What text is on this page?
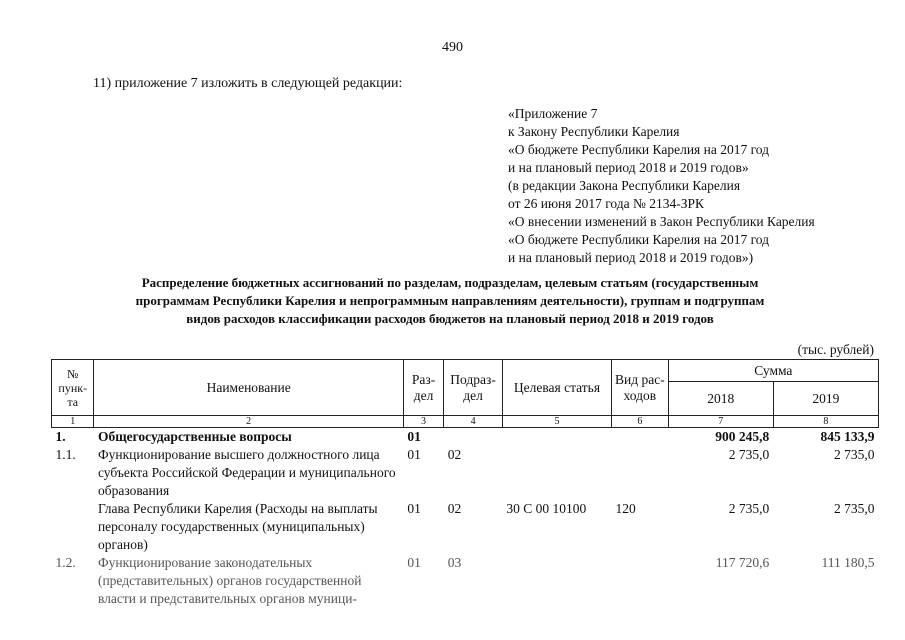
490
11) приложение 7 изложить в следующей редакции:
«Приложение 7
к Закону Республики Карелия
«О бюджете Республики Карелия на 2017 год
и на плановый период 2018 и 2019 годов»
(в редакции Закона Республики Карелия
от 26 июня 2017 года № 2134-ЗРК
«О внесении изменений в Закон Республики Карелия
«О бюджете Республики Карелия на 2017 год
и на плановый период 2018 и 2019 годов»)
Распределение бюджетных ассигнований по разделам, подразделам, целевым статьям (государственным
программам Республики Карелия и непрограммным направлениям деятельности), группам и подгруппам
видов расходов классификации расходов бюджетов на плановый период 2018 и 2019 годов
(тыс. рублей)
№ пунк- та	Наименование	Раз- дел	Подраз- дел	Целевая статья	Вид рас- ходов	Сумма	
						2018	2019
1	2	3	4	5	6	7	8
1.	Общегосударственные вопросы	01				900 245,8	845 133,9
1.1.	Функционирование высшего должностного лица субъекта Российской Федерации и муниципального образования	01	02			2 735,0	2 735,0
	Глава Республики Карелия (Расходы на выплаты персоналу государственных (муниципальных) органов)	01	02	30 С 00 10100	120	2 735,0	2 735,0
1.2.	Функционирование законодательных (представительных) органов государственной власти и представительных органов муници-	01	03			117 720,6	111 180,5
